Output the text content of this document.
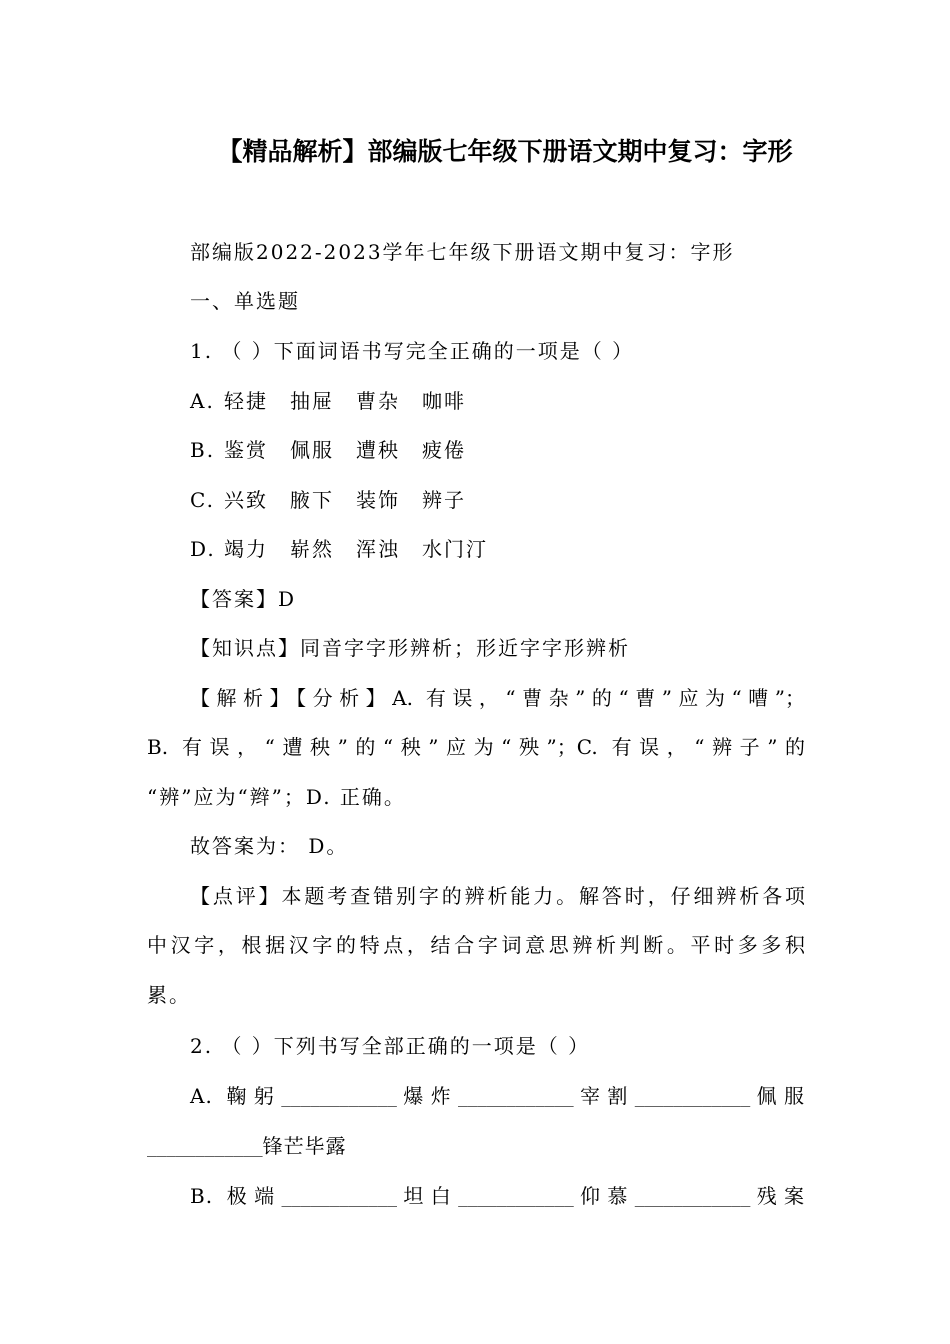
【精品解析】部编版七年级下册语文期中复习：字形
部编版2022-2023学年七年级下册语文期中复习：字形
一、单选题
1. （ ）下面词语书写完全正确的一项是（ ）
A. 轻捷 抽屉 曹杂 咖啡
B. 鉴赏 佩服 遭秧 疲倦
C. 兴致 腋下 装饰 辨子
D. 竭力 崭然 浑浊 水门汀
【答案】D
【知识点】同音字字形辨析；形近字字形辨析
【解析】【分析】A. 有误，“曹杂”的“曹”应为“嘈”；
B. 有误，“遭秧”的“秧”应为“殃”；C. 有误，“辨子”的
“辨”应为“辫”；D. 正确。
故答案为： D。
【点评】本题考查错别字的辨析能力。解答时，仔细辨析各项
中汉字，根据汉字的特点，结合字词意思辨析判断。平时多多积
累。
2. （ ）下列书写全部正确的一项是（ ）
A. 鞠躬____________爆炸____________宰割____________佩服
____________锋芒毕露
B. 极端____________坦白____________仰慕____________残案
